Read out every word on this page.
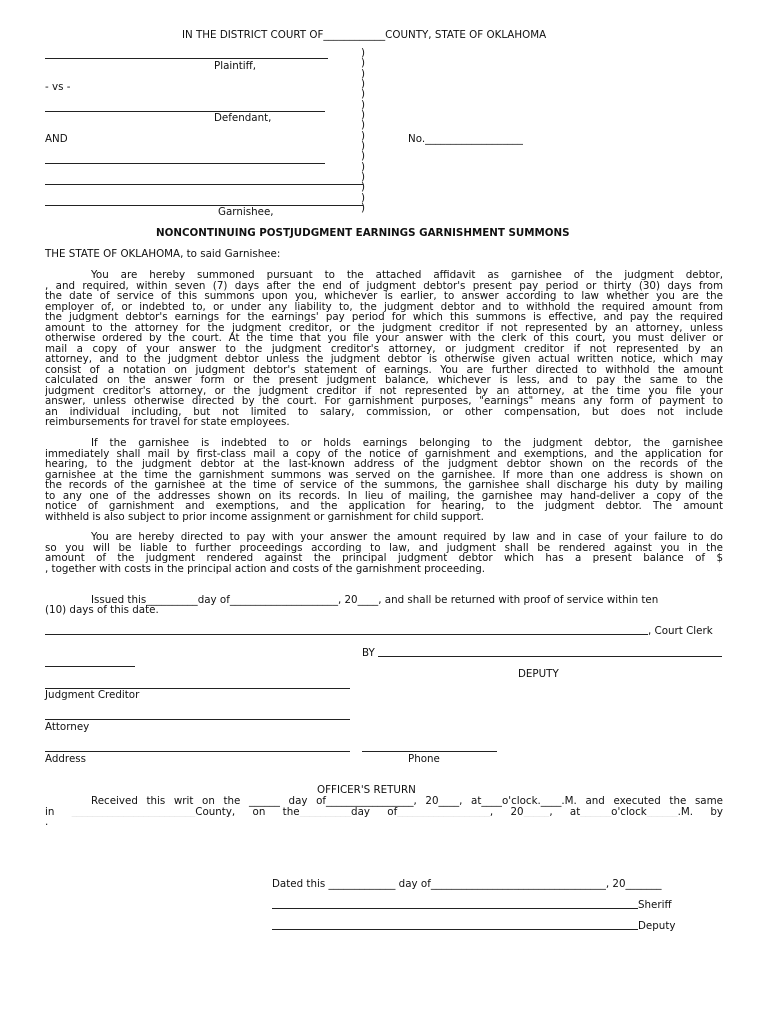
IN THE DISTRICT COURT OF____________COUNTY, STATE OF OKLAHOMA
Plaintiff,
- vs -
Defendant,
AND	No.___________________
Garnishee,
)
)
)
)
)
)
)
)
)
)
)
)
)
)
)
)
NONCONTINUING POSTJUDGMENT EARNINGS GARNISHMENT SUMMONS
THE STATE OF OKLAHOMA, to said Garnishee:
You are hereby summoned pursuant to the attached affidavit as garnishee of the judgment debtor,
, and required, within seven (7) days after the end of judgment debtor's present pay period or thirty (30) days from
the date of service of this summons upon you, whichever is earlier, to answer according to law whether you are the
employer of, or indebted to, or under any liability to, the judgment debtor and to withhold the required amount from
the judgment debtor's earnings for the earnings' pay period for which this summons is effective, and pay the required
amount to the attorney for the judgment creditor, or the judgment creditor if not represented by an attorney, unless
otherwise ordered by the court. At the time that you file your answer with the clerk of this court, you must deliver or
mail a copy of your answer to the judgment creditor's attorney, or judgment creditor if not represented by an
attorney, and to the judgment debtor unless the judgment debtor is otherwise given actual written notice, which may
consist of a notation on judgment debtor's statement of earnings. You are further directed to withhold the amount
calculated on the answer form or the present judgment balance, whichever is less, and to pay the same to the
judgment creditor's attorney, or the judgment creditor if not represented by an attorney, at the time you file your
answer, unless otherwise directed by the court. For garnishment purposes, "earnings" means any form of payment to
an individual including, but not limited to salary, commission, or other compensation, but does not include
reimbursements for travel for state employees.
If the garnishee is indebted to or holds earnings belonging to the judgment debtor, the garnishee
immediately shall mail by first-class mail a copy of the notice of garnishment and exemptions, and the application for
hearing, to the judgment debtor at the last-known address of the judgment debtor shown on the records of the
garnishee at the time the garnishment summons was served on the garnishee. If more than one address is shown on
the records of the garnishee at the time of service of the summons, the garnishee shall discharge his duty by mailing
to any one of the addresses shown on its records. In lieu of mailing, the garnishee may hand-deliver a copy of the
notice of garnishment and exemptions, and the application for hearing, to the judgment debtor. The amount
withheld is also subject to prior income assignment or garnishment for child support.
You are hereby directed to pay with your answer the amount required by law and in case of your failure to do
so you will be liable to further proceedings according to law, and judgment shall be rendered against you in the
amount of the judgment rendered against the principal judgment debtor which has a present balance of $
, together with costs in the principal action and costs of the garnishment proceeding.
Issued this__________day of_____________________, 20____, and shall be returned with proof of service within ten
(10) days of this date.
, Court Clerk
BY
DEPUTY
Judgment Creditor
Attorney
Address	Phone
OFFICER'S RETURN
Received this writ on the ______ day of_________________, 20____, at____o'clock.____.M. and executed the same
in ________________________County, on the__________day of__________________, 20_____, at______o'clock______.M. by
.
Dated this _____________ day of__________________________________, 20_______
Sheriff
Deputy
